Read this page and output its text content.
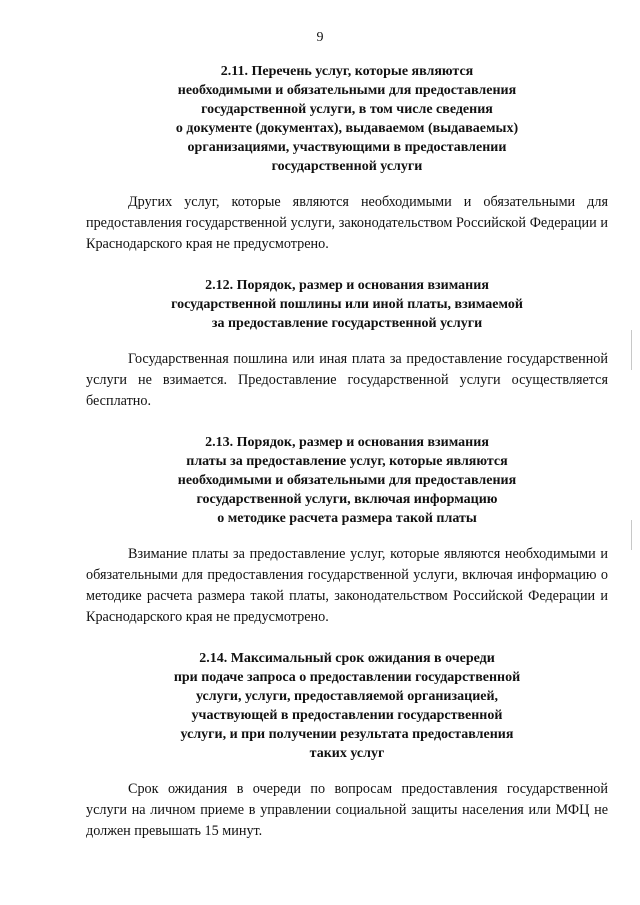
9
2.11. Перечень услуг, которые являются
необходимыми и обязательными для предоставления
государственной услуги, в том числе сведения
о документе (документах), выдаваемом (выдаваемых)
организациями, участвующими в предоставлении
государственной услуги

Других услуг, которые являются необходимыми и обязательными для предоставления государственной услуги, законодательством Российской Федерации и Краснодарского края не предусмотрено.

2.12. Порядок, размер и основания взимания
государственной пошлины или иной платы, взимаемой
за предоставление государственной услуги

Государственная пошлина или иная плата за предоставление государственной услуги не взимается. Предоставление государственной услуги осуществляется бесплатно.

2.13. Порядок, размер и основания взимания
платы за предоставление услуг, которые являются
необходимыми и обязательными для предоставления
государственной услуги, включая информацию
о методике расчета размера такой платы

Взимание платы за предоставление услуг, которые являются необходимыми и обязательными для предоставления государственной услуги, включая информацию о методике расчета размера такой платы, законодательством Российской Федерации и Краснодарского края не предусмотрено.

2.14. Максимальный срок ожидания в очереди
при подаче запроса о предоставлении государственной
услуги, услуги, предоставляемой организацией,
участвующей в предоставлении государственной
услуги, и при получении результата предоставления
таких услуг

Срок ожидания в очереди по вопросам предоставления государственной услуги на личном приеме в управлении социальной защиты населения или МФЦ не должен превышать 15 минут.
